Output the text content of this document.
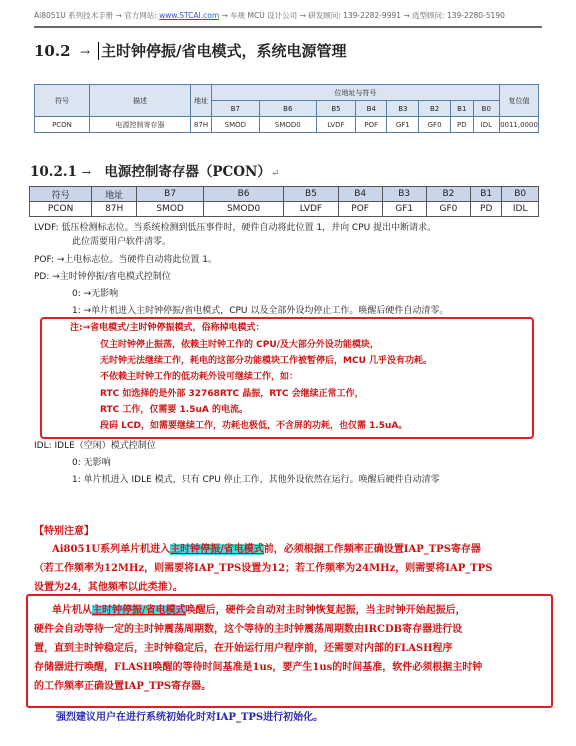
Ai8051U 系列技术手册 → 官方网站: www.STCAI.com → 车规 MCU 设计公司 → 研发顾问: 139-2282-9991 → 选型顾问: 139-2280-5190
10.2 → 主时钟停振/省电模式，系统电源管理
符号	描述	地址	位地址与符号								复位值
			B7	B6	B5	B4	B3	B2	B1	B0	
PCON	电源控制寄存器	87H	SMOD	SMOD0	LVDF	POF	GF1	GF0	PD	IDL	0011,0000
10.2.1 → 电源控制寄存器（PCON）↵
符号	地址	B7	B6	B5	B4	B3	B2	B1	B0
PCON	87H	SMOD	SMOD0	LVDF	POF	GF1	GF0	PD	IDL
LVDF: 低压检测标志位。当系统检测到低压事件时，硬件自动将此位置 1，并向 CPU 提出中断请求。
此位需要用户软件清零。
POF: →上电标志位。当硬件自动将此位置 1。
PD: →主时钟停振/省电模式控制位
0: →无影响
1: →单片机进入主时钟停振/省电模式，CPU 以及全部外设均停止工作。唤醒后硬件自动清零。
注:→省电模式/主时钟停振模式，俗称掉电模式：
仅主时钟停止振荡，依赖主时钟工作的 CPU/及大部分外设功能模块，
无时钟无法继续工作，耗电的这部分功能模块工作被暂停后，MCU 几乎没有功耗。
不依赖主时钟工作的低功耗外设可继续工作，如：
RTC 如选择的是外部 32768RTC 晶振，RTC 会继续正常工作，
RTC 工作，仅需要 1.5uA 的电流。
段码 LCD，如需要继续工作，功耗也极低，不含屏的功耗，也仅需 1.5uA。
IDL: IDLE（空闲）模式控制位
0: 无影响
1: 单片机进入 IDLE 模式，只有 CPU 停止工作，其他外设依然在运行。唤醒后硬件自动清零
【特别注意】
Ai8051U系列单片机进入主时钟停振/省电模式前，必须根据工作频率正确设置IAP_TPS寄存器
（若工作频率为12MHz，则需要将IAP_TPS设置为12；若工作频率为24MHz，则需要将IAP_TPS
设置为24，其他频率以此类推）。
单片机从主时钟停振/省电模式唤醒后，硬件会自动对主时钟恢复起振，当主时钟开始起振后，
硬件会自动等待一定的主时钟震荡周期数，这个等待的主时钟震荡周期数由IRCDB寄存器进行设
置，直到主时钟稳定后，主时钟稳定后，在开始运行用户程序前，还需要对内部的FLASH程序
存储器进行唤醒，FLASH唤醒的等待时间基准是1us，要产生1us的时间基准，软件必须根据主时钟
的工作频率正确设置IAP_TPS寄存器。
强烈建议用户在进行系统初始化时对IAP_TPS进行初始化。
